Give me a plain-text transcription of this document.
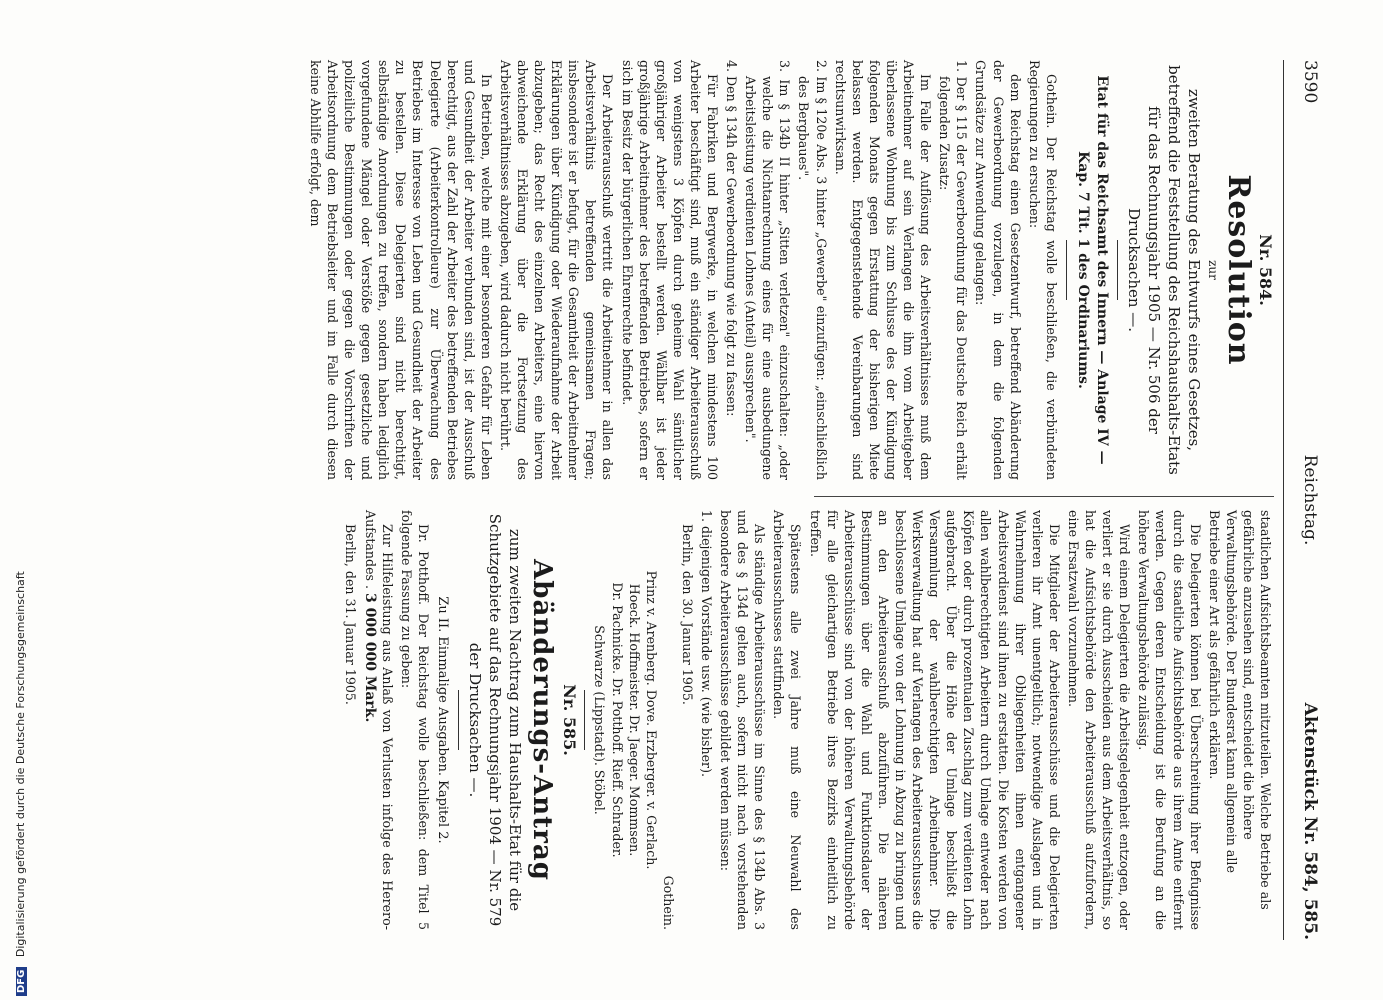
3590
Reichstag.
Aktenstück Nr. 584, 585.
Nr. 584.
Resolution
zur
zweiten Beratung des Entwurfs eines Gesetzes, betreffend die Feststellung des Reichshaushalts-Etats für das Rechnungsjahr 1905 — Nr. 506 der Drucksachen —.
Etat für das Reichsamt des Innern — Anlage IV —
Kap. 7 Tit. 1 des Ordinariums.

Gothein. Der Reichstag wolle beschließen, die verbündeten Regierungen zu ersuchen:

dem Reichstag einen Gesetzentwurf, betreffend Abänderung der Gewerbeordnung vorzulegen, in dem die folgenden Grundsätze zur Anwendung gelangen:

1. Der § 115 der Gewerbeordnung für das Deutsche Reich erhält folgenden Zusatz:

Im Falle der Auflösung des Arbeitsverhältnisses muß dem Arbeitnehmer auf sein Verlangen die ihm vom Arbeitgeber überlassene Wohnung bis zum Schlusse des der Kündigung folgenden Monats gegen Erstattung der bisherigen Miete belassen werden. Entgegenstehende Vereinbarungen sind rechtsunwirksam.

2. Im § 120e Abs. 3 hinter „Gewerbe" einzufügen: „einschließlich des Bergbaues".
3. Im § 134b II hinter „Sitten verletzen" einzuschalten: „oder welche die Nichtanrechnung eines für eine ausbedungene Arbeitsleistung verdienten Lohnes (Anteil) aussprechen".
4. Den § 134h der Gewerbeordnung wie folgt zu fassen:

Für Fabriken und Bergwerke, in welchen mindestens 100 Arbeiter beschäftigt sind, muß ein ständiger Arbeiterausschuß von wenigstens 3 Köpfen durch geheime Wahl sämtlicher großjähriger Arbeiter bestellt werden. Wählbar ist jeder großjährige Arbeitnehmer des betreffenden Betriebes, sofern er sich im Besitz der bürgerlichen Ehrenrechte befindet.

Der Arbeiterausschuß vertritt die Arbeitnehmer in allen das Arbeitsverhältnis betreffenden gemeinsamen Fragen; insbesondere ist er befugt, für die Gesamtheit der Arbeitnehmer Erklärungen über Kündigung oder Wiederaufnahme der Arbeit abzugeben; das Recht des einzelnen Arbeiters, eine hiervon abweichende Erklärung über die Fortsetzung des Arbeitsverhältnisses abzugeben, wird dadurch nicht berührt.

In Betrieben, welche mit einer besonderen Gefahr für Leben und Gesundheit der Arbeiter verbunden sind, ist der Ausschuß berechtigt, aus der Zahl der Arbeiter des betreffenden Betriebes Delegierte (Arbeiterkontrolleure) zur Überwachung des Betriebes im Interesse von Leben und Gesundheit der Arbeiter zu bestellen. Diese Delegierten sind nicht berechtigt, selbständige Anordnungen zu treffen, sondern haben lediglich vorgefundene Mängel oder Verstöße gegen gesetzliche und polizeiliche Bestimmungen oder gegen die Vorschriften der Arbeitsordnung dem Betriebsleiter und im Falle durch diesen keine Abhilfe erfolgt, dem

staatlichen Aufsichtsbeamten mitzuteilen. Welche Betriebe als gefährliche anzusehen sind, entscheidet die höhere Verwaltungsbehörde. Der Bundesrat kann allgemein alle Betriebe einer Art als gefährlich erklären.

Die Delegierten können bei Überschreitung ihrer Befugnisse durch die staatliche Aufsichtsbehörde aus ihrem Amte entfernt werden. Gegen deren Entscheidung ist die Berufung an die höhere Verwaltungsbehörde zulässig.

Wird einem Delegierten die Arbeitsgelegenheit entzogen, oder verliert er sie durch Ausscheiden aus dem Arbeitsverhältnis, so hat die Aufsichtsbehörde den Arbeiterausschuß aufzufordern, eine Ersatzwahl vorzunehmen.

Die Mitglieder der Arbeiterausschüsse und die Delegierten verlieren ihr Amt unentgeltlich; notwendige Auslagen und in Wahrnehmung ihrer Obliegenheiten ihnen entgangener Arbeitsverdienst sind ihnen zu erstatten. Die Kosten werden von allen wahlberechtigten Arbeitern durch Umlage entweder nach Köpfen oder durch prozentualen Zuschlag zum verdienten Lohn aufgebracht. Über die Höhe der Umlage beschließt die Versammlung der wahlberechtigten Arbeitnehmer. Die Werksverwaltung hat auf Verlangen des Arbeiterausschusses die beschlossene Umlage von der Lohnung in Abzug zu bringen und an den Arbeiterausschuß abzuführen. Die näheren Bestimmungen über die Wahl und Funktionsdauer der Arbeiterausschüsse sind von der höheren Verwaltungsbehörde für alle gleichartigen Betriebe ihres Bezirks einheitlich zu treffen.

Spätestens alle zwei Jahre muß eine Neuwahl des Arbeiterausschusses stattfinden.

Als ständige Arbeiterausschüsse im Sinne des § 134b Abs. 3 und des § 134d gelten auch, sofern nicht nach vorstehenden besondere Arbeiterausschüsse gebildet werden müssen:

1. diejenigen Vorstände usw. (wie bisher).

Berlin, den 30. Januar 1905.

Gothein.
Prinz v. Arenberg. Dove. Erzberger. v. Gerlach.
Hoeck. Hoffmeister. Dr. Jaeger. Mommsen.
Dr. Pachnicke. Dr. Potthoff. Rieff. Schrader.
Schwarze (Lippstadt). Stöbel.
Nr. 585.
Abänderungs-Antrag
zum zweiten Nachtrag zum Haushalts-Etat für die Schutzgebiete auf das Rechnungsjahr 1904 — Nr. 579 der Drucksachen —.
Zu II. Einmalige Ausgaben. Kapitel 2.

Dr. Potthoff. Der Reichstag wolle beschließen: dem Titel 5 folgende Fassung zu geben:

Zur Hilfeleistung aus Anlaß von Verlusten infolge des Herero-Aufstandes . 3 000 000 Mark.

Berlin, den 31. Januar 1905.

DFG Digitalisierung gefördert durch die Deutsche Forschungsgemeinschaft
